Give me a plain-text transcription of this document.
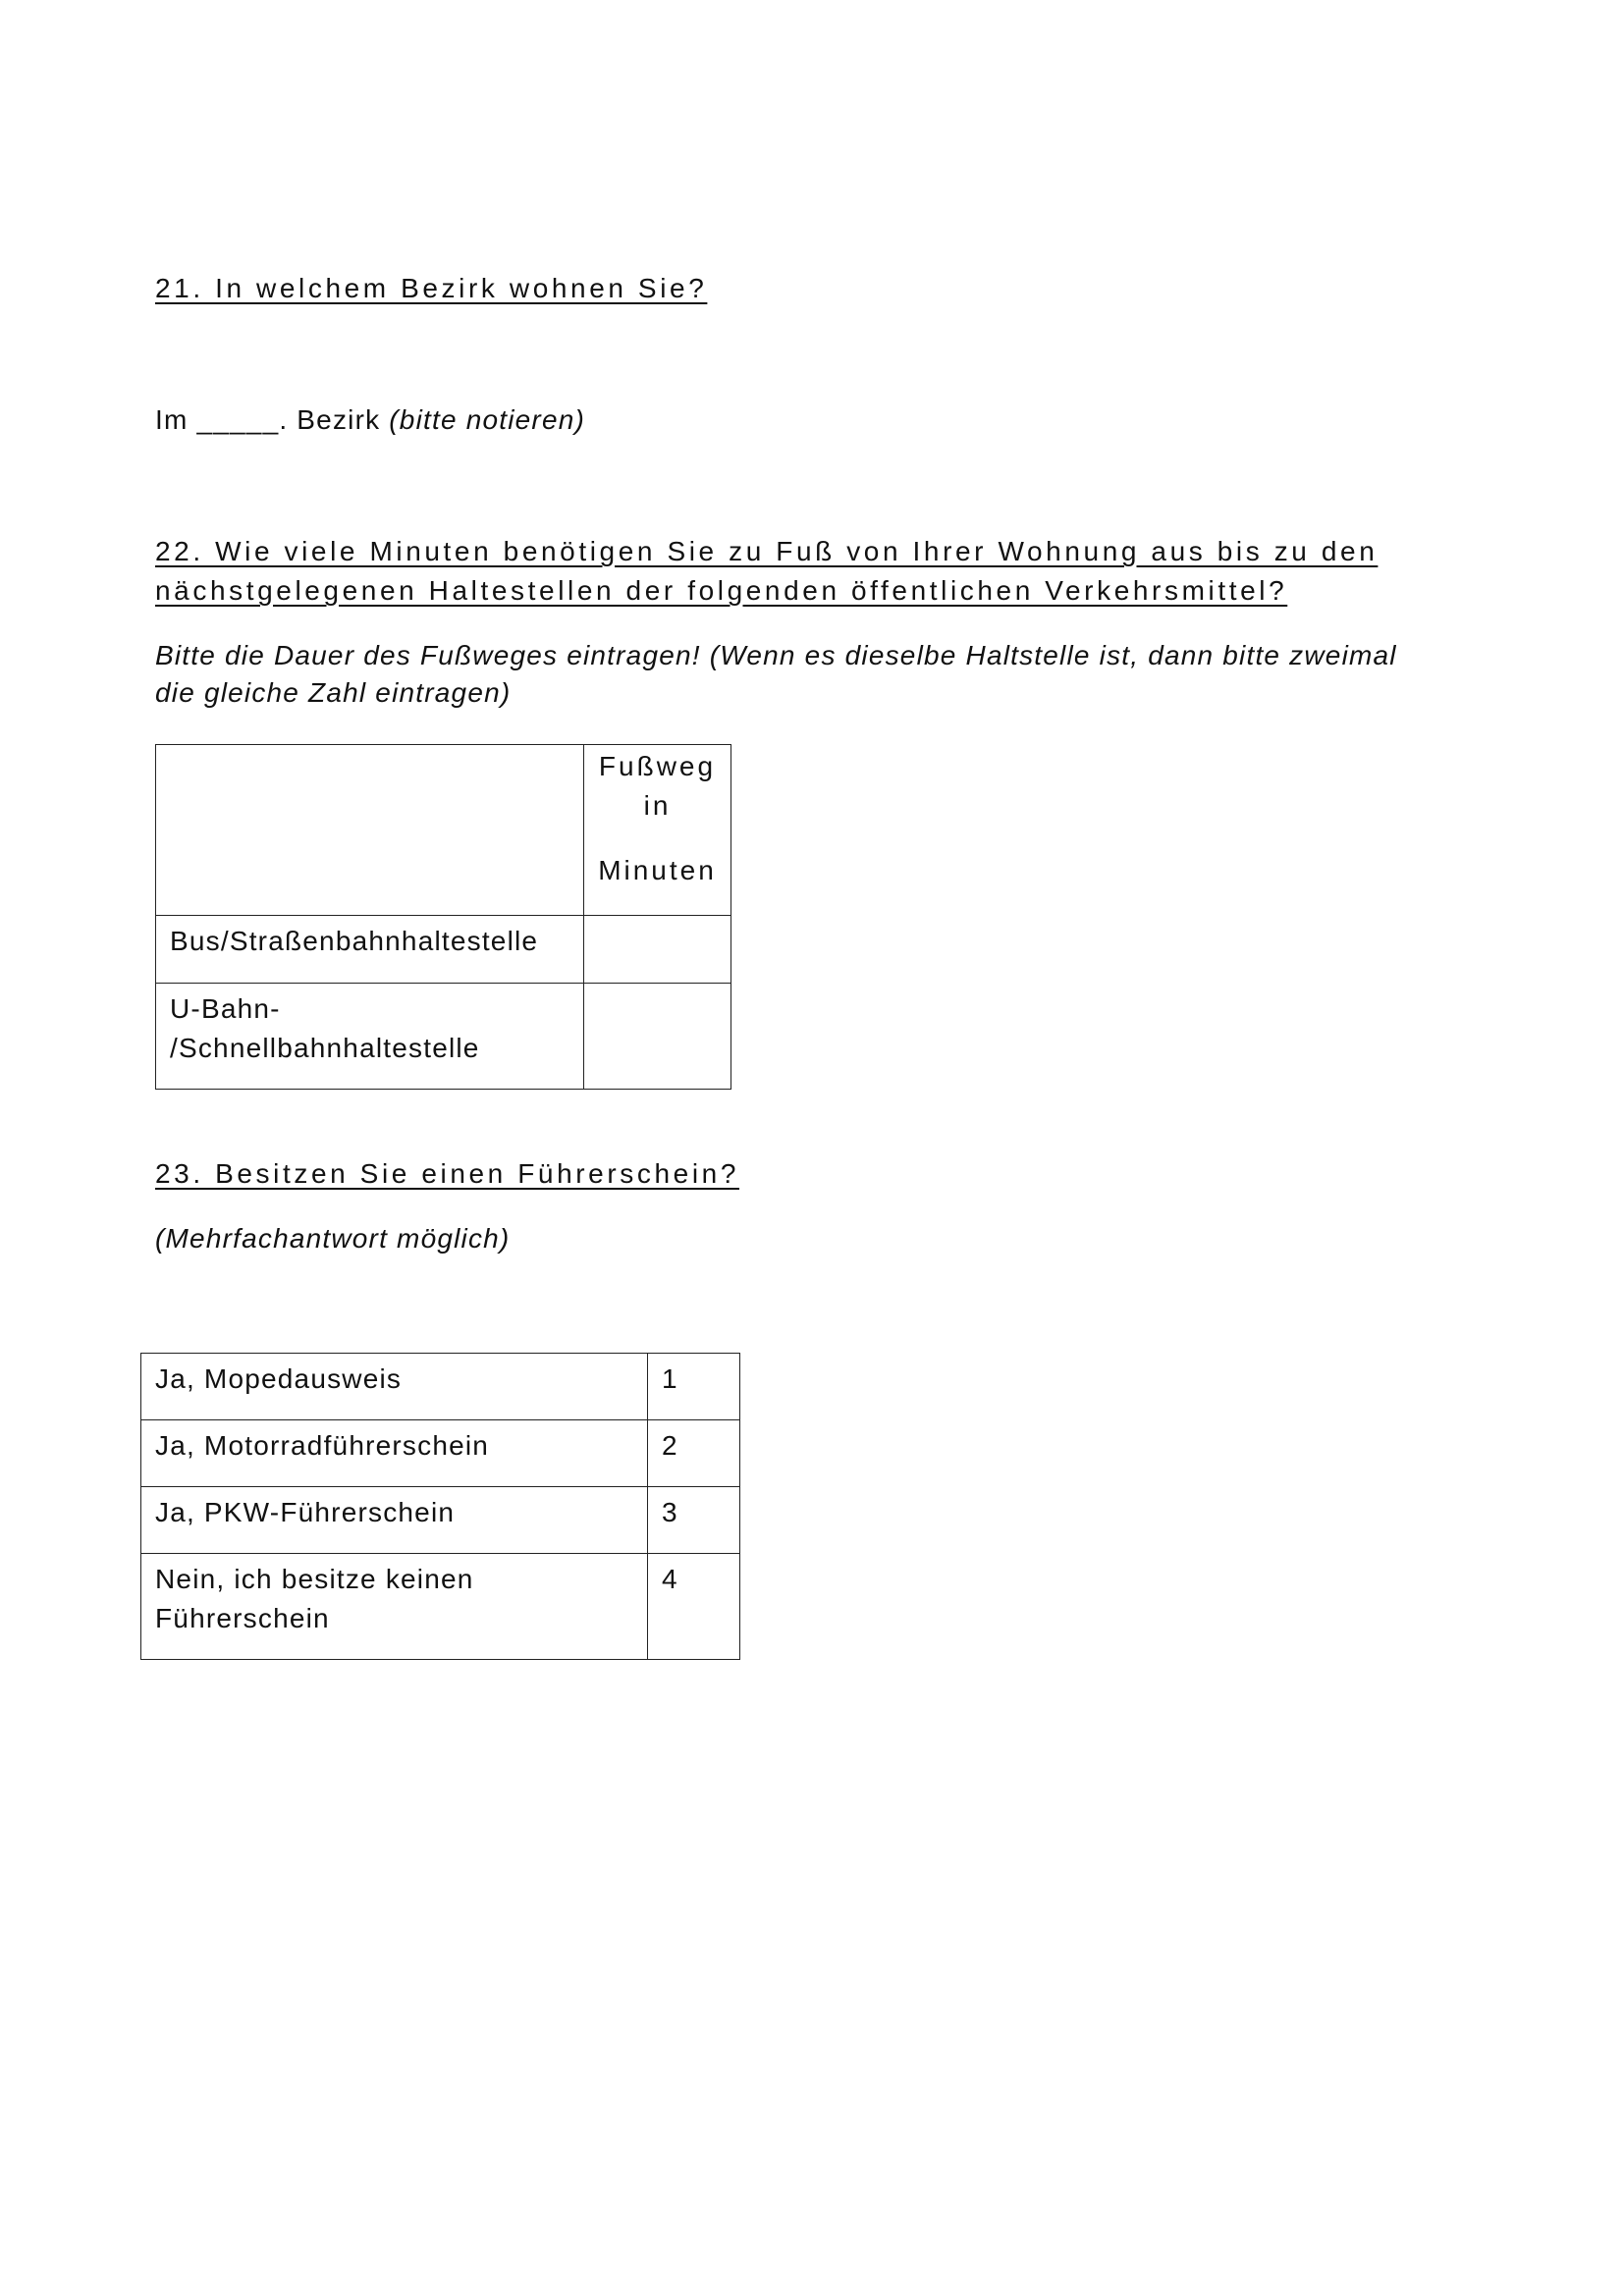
21. In welchem Bezirk wohnen Sie?

Im _____. Bezirk (bitte notieren)

22. Wie viele Minuten benötigen Sie zu Fuß von Ihrer Wohnung aus bis zu den
nächstgelegenen Haltestellen der folgenden öffentlichen Verkehrsmittel?

Bitte die Dauer des Fußweges eintragen! (Wenn es dieselbe Haltstelle ist, dann bitte zweimal

die gleiche Zahl eintragen)

	Fußweg
in
Minuten

Bus/Straßenbahnhaltestelle	

U-Bahn-
/Schnellbahnhaltestelle	

23. Besitzen Sie einen Führerschein?

(Mehrfachantwort möglich)

Ja, Mopedausweis	1
Ja, Motorradführerschein	2
Ja, PKW-Führerschein	3

Nein, ich besitze keinen
Führerschein	4
